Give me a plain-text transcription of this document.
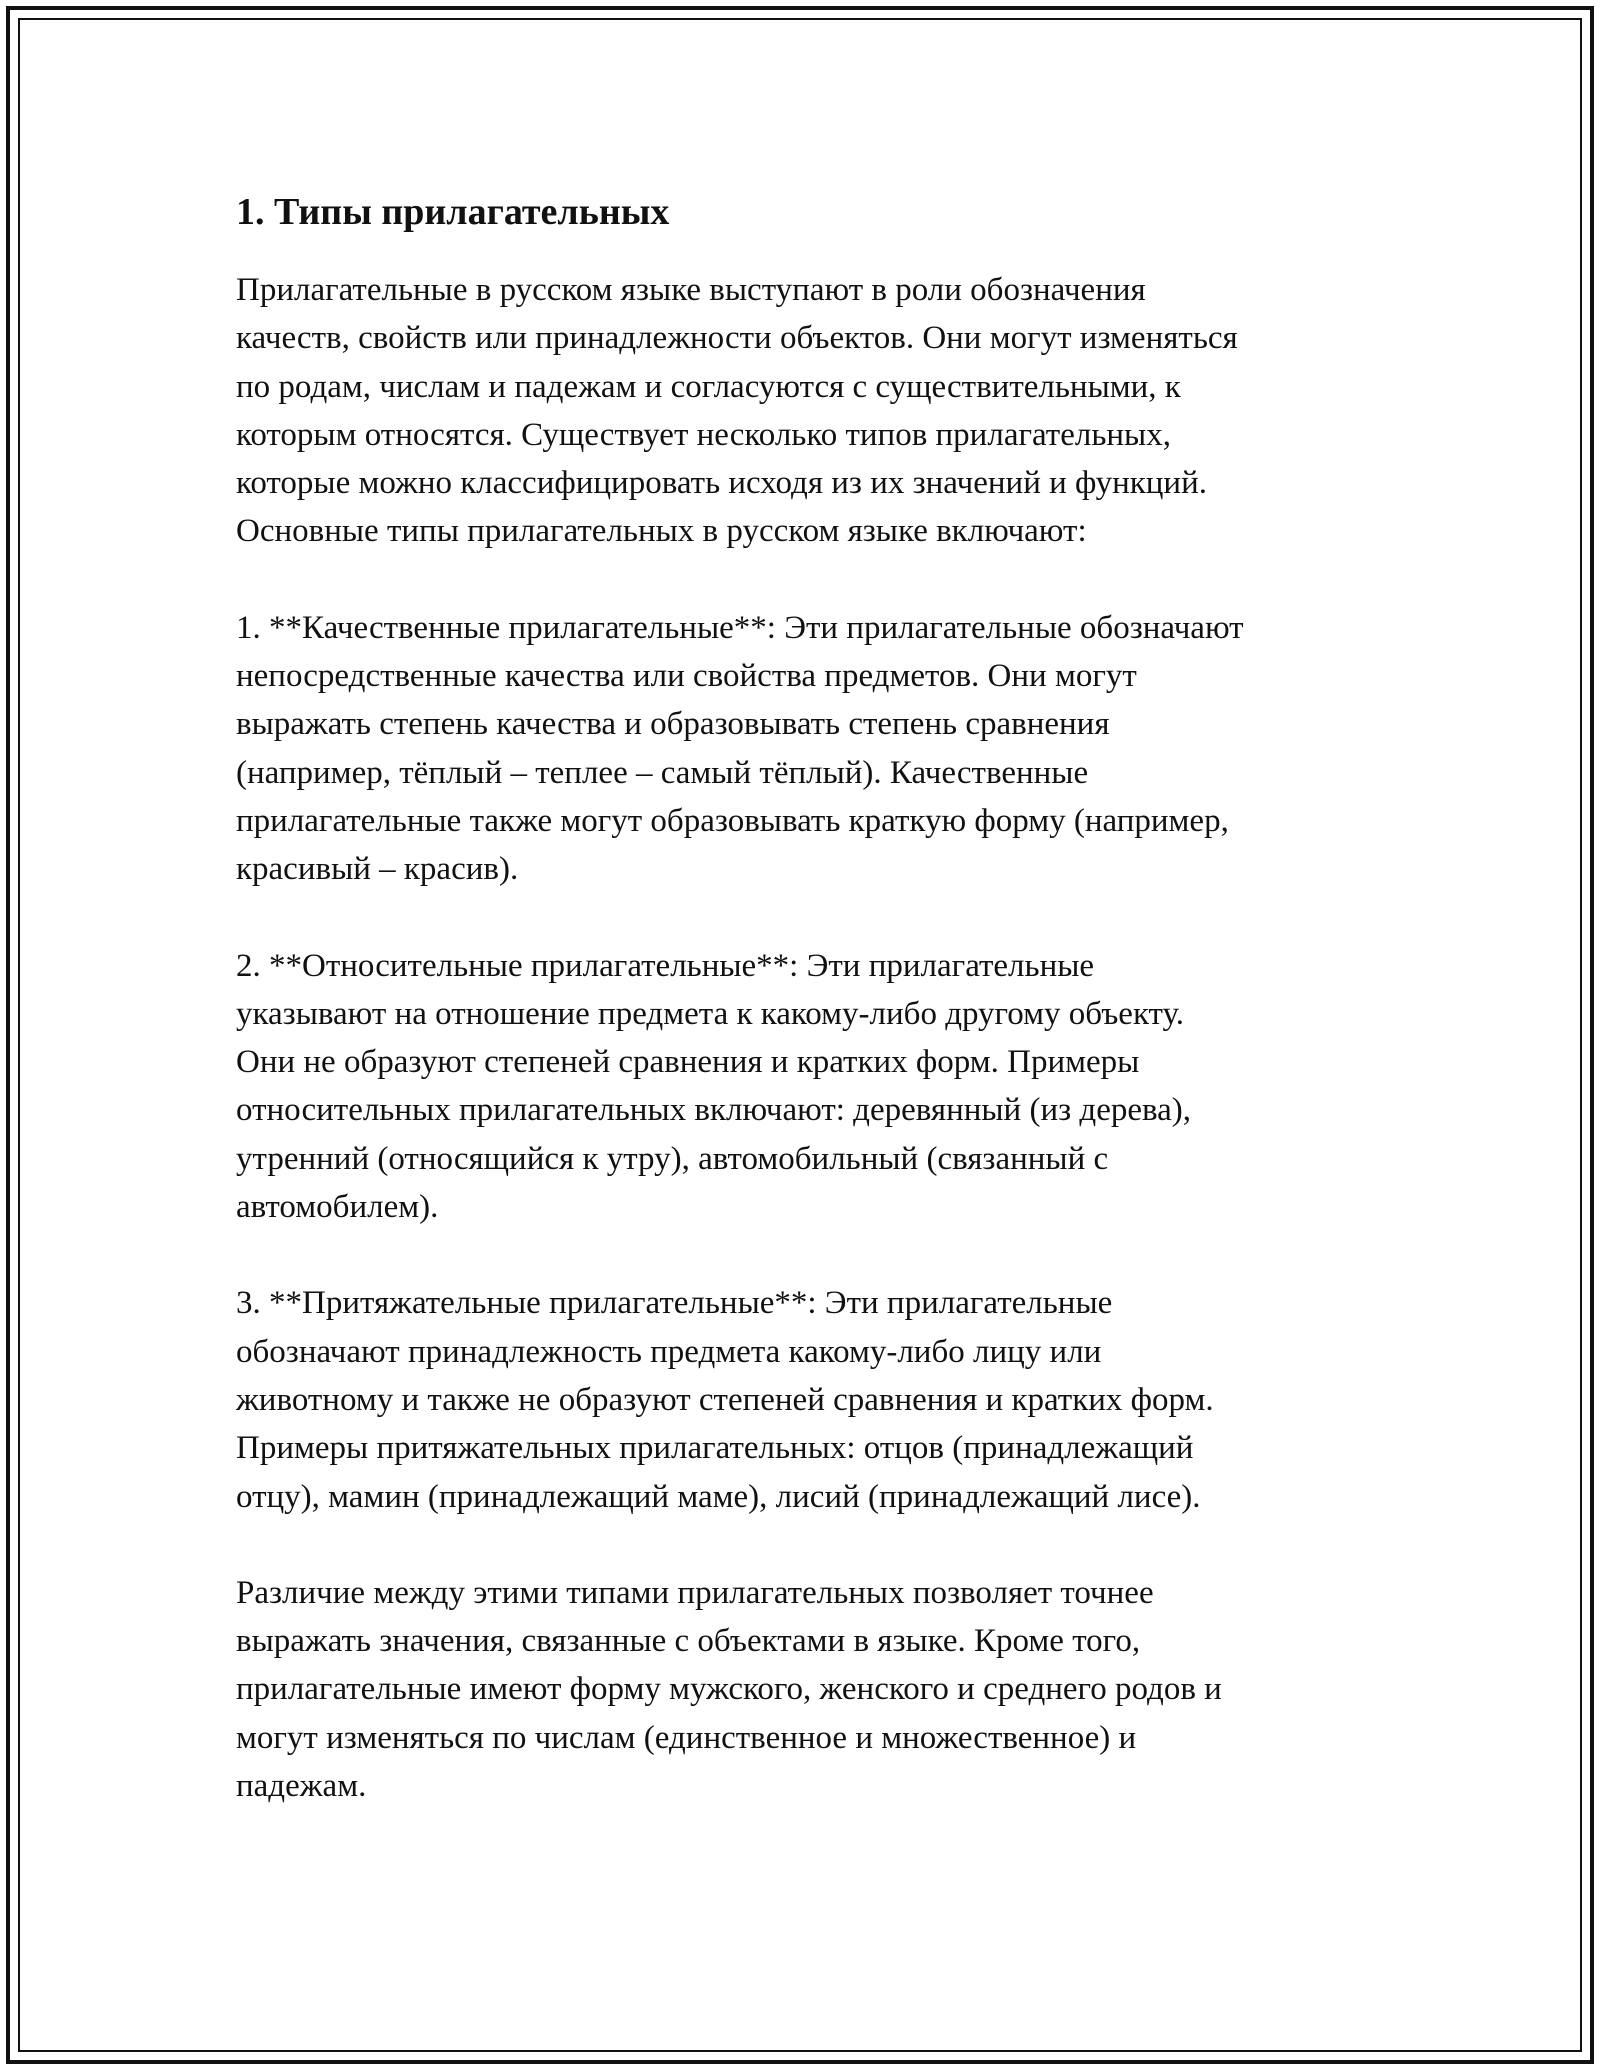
1. Типы прилагательных

Прилагательные в русском языке выступают в роли обозначения
качеств, свойств или принадлежности объектов. Они могут изменяться
по родам, числам и падежам и согласуются с существительными, к
которым относятся. Существует несколько типов прилагательных,
которые можно классифицировать исходя из их значений и функций.
Основные типы прилагательных в русском языке включают:

1. **Качественные прилагательные**: Эти прилагательные обозначают
непосредственные качества или свойства предметов. Они могут
выражать степень качества и образовывать степень сравнения
(например, тёплый – теплее – самый тёплый). Качественные
прилагательные также могут образовывать краткую форму (например,
красивый – красив).

2. **Относительные прилагательные**: Эти прилагательные
указывают на отношение предмета к какому-либо другому объекту.
Они не образуют степеней сравнения и кратких форм. Примеры
относительных прилагательных включают: деревянный (из дерева),
утренний (относящийся к утру), автомобильный (связанный с
автомобилем).

3. **Притяжательные прилагательные**: Эти прилагательные
обозначают принадлежность предмета какому-либо лицу или
животному и также не образуют степеней сравнения и кратких форм.
Примеры притяжательных прилагательных: отцов (принадлежащий
отцу), мамин (принадлежащий маме), лисий (принадлежащий лисе).

Различие между этими типами прилагательных позволяет точнее
выражать значения, связанные с объектами в языке. Кроме того,
прилагательные имеют форму мужского, женского и среднего родов и
могут изменяться по числам (единственное и множественное) и
падежам.
